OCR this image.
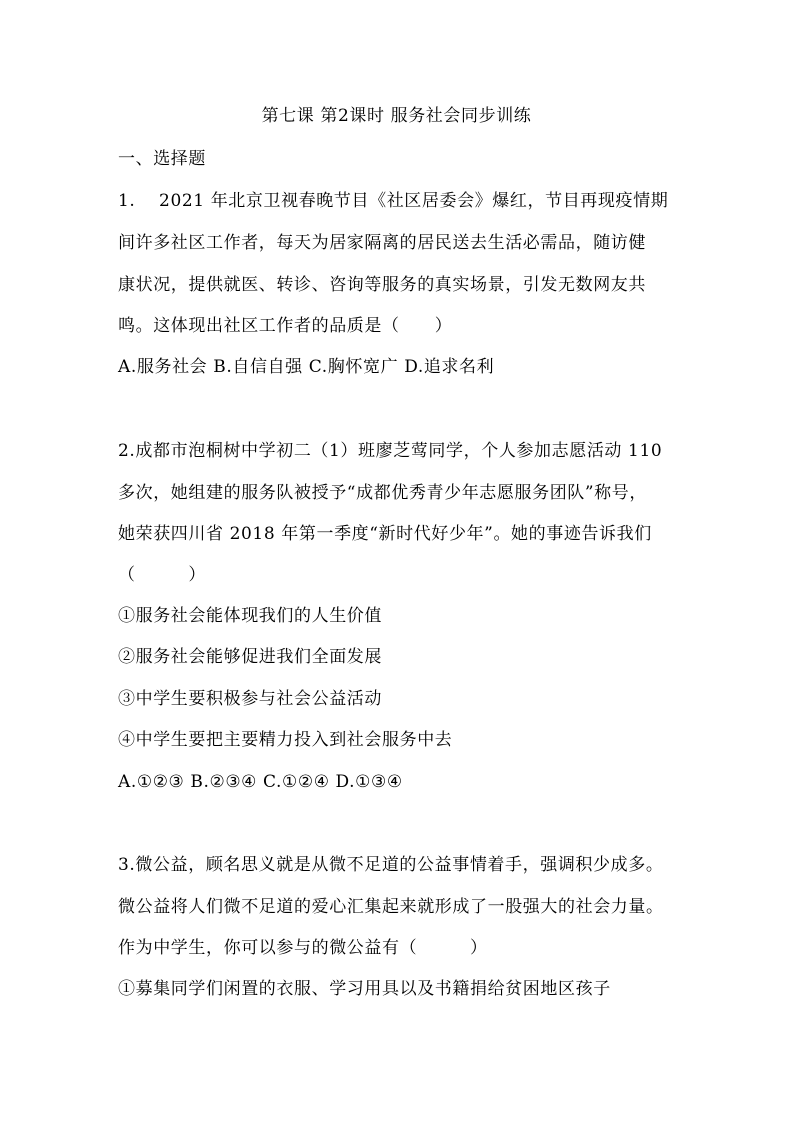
第七课 第2课时 服务社会同步训练
一、选择题
1.　 2021 年北京卫视春晚节目《社区居委会》爆红，节目再现疫情期
间许多社区工作者，每天为居家隔离的居民送去生活必需品，随访健
康状况，提供就医、转诊、咨询等服务的真实场景，引发无数网友共
鸣。这体现出社区工作者的品质是（　　）
A.服务社会 B.自信自强 C.胸怀宽广 D.追求名利
2.成都市泡桐树中学初二（1）班廖芝莺同学，个人参加志愿活动 110
多次，她组建的服务队被授予“成都优秀青少年志愿服务团队”称号，
她荣获四川省 2018 年第一季度“新时代好少年”。她的事迹告诉我们
（　　　）
①服务社会能体现我们的人生价值
②服务社会能够促进我们全面发展
③中学生要积极参与社会公益活动
④中学生要把主要精力投入到社会服务中去
A.①②③ B.②③④ C.①②④ D.①③④
3.微公益，顾名思义就是从微不足道的公益事情着手，强调积少成多。
微公益将人们微不足道的爱心汇集起来就形成了一股强大的社会力量。
作为中学生，你可以参与的微公益有（　　　）
①募集同学们闲置的衣服、学习用具以及书籍捐给贫困地区孩子
